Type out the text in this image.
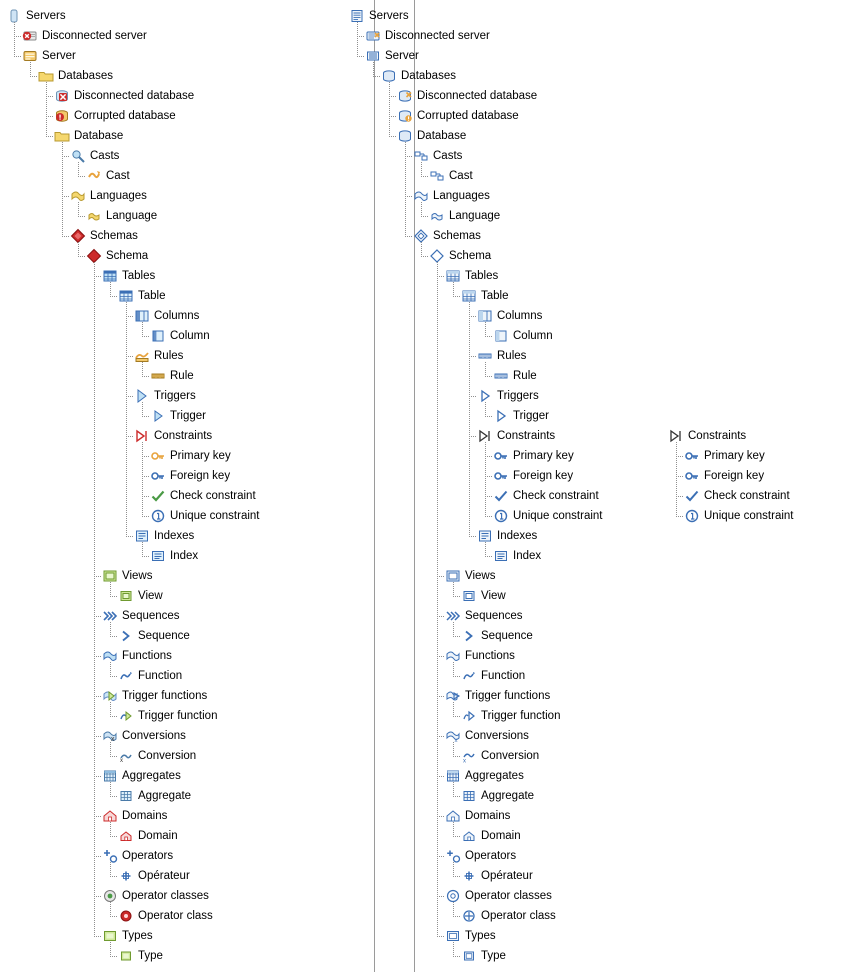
Servers
Disconnected server
Server
Databases
Disconnected database
Corrupted database
Database
Casts
Cast
Languages
Language
Schemas
Schema
Tables
Table
Columns
Column
Rules
Rule
Triggers
Trigger
Constraints
Primary key
Foreign key
Check constraint
Unique constraint
Indexes
Index
Views
View
Sequences
Sequence
Functions
Function
Trigger functions
Trigger function
x Conversions
x Conversion
Aggregates
Aggregate
Domains
Domain
Operators
Opérateur
Operator classes
Operator class
Types
Type
Servers
Disconnected server
Server
Databases
Disconnected database
Corrupted database
Database
Casts
Cast
Languages
Language
Schemas
Schema
Tables
Table
Columns
Column
Rules
Rule
Triggers
Trigger
Constraints
Primary key
Foreign key
Check constraint
Unique constraint
Indexes
Index
Views
View
Sequences
Sequence
Functions
Function
Trigger functions
Trigger function
x Conversions
x Conversion
Aggregates
Aggregate
Domains
Domain
Operators
Opérateur
Operator classes
Operator class
Types
Type
Constraints
Primary key
Foreign key
Check constraint
Unique constraint
